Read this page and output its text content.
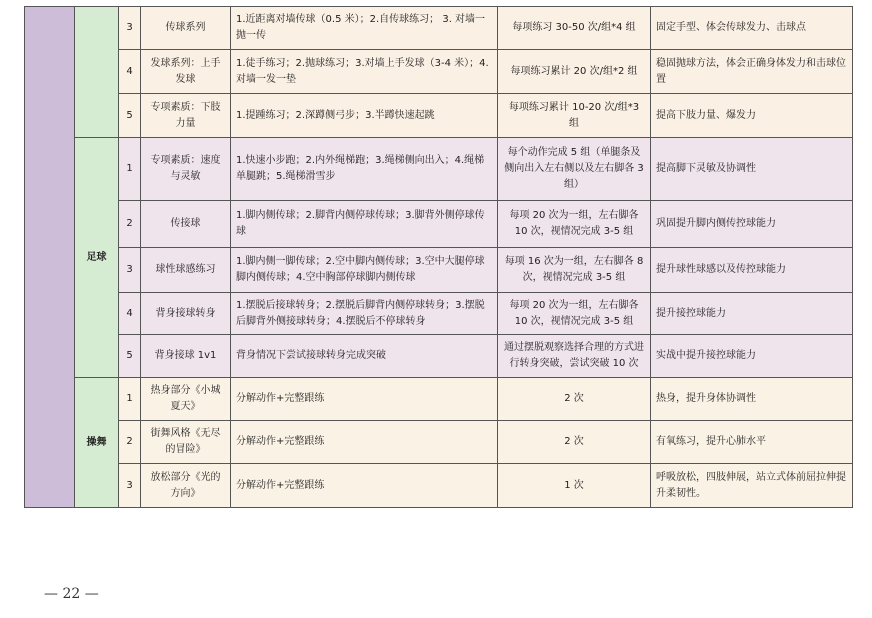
		3	传球系列	1.近距离对墙传球（0.5 米）；2.自传球练习； 3. 对墙一抛一传	每项练习 30-50 次/组*4 组	固定手型、体会传球发力、击球点
		4	发球系列：上手发球	1.徒手练习；2.抛球练习；3.对墙上手发球（3-4 米）；4.对墙一发一垫	每项练习累计 20 次/组*2 组	稳固抛球方法，体会正确身体发力和击球位置
		5	专项素质：下肢力量	1.提踵练习；2.深蹲侧弓步；3.半蹲快速起跳	每项练习累计 10-20 次/组*3 组	提高下肢力量、爆发力
	足球	1	专项素质：速度与灵敏	1.快速小步跑；2.内外绳梯跑；3.绳梯侧向出入；4.绳梯单腿跳；5.绳梯滑雪步	每个动作完成 5 组（单腿条及侧向出入左右侧以及左右脚各 3 组）	提高脚下灵敏及协调性
		2	传接球	1.脚内侧传球；2.脚背内侧停球传球；3.脚背外侧停球传球	每项 20 次为一组，左右脚各 10 次，视情况完成 3-5 组	巩固提升脚内侧传控球能力
		3	球性球感练习	1.脚内侧一脚传球；2.空中脚内侧传球；3.空中大腿停球脚内侧传球；4.空中胸部停球脚内侧传球	每项 16 次为一组，左右脚各 8 次，视情况完成 3-5 组	提升球性球感以及传控球能力
		4	背身接球转身	1.摆脱后接球转身；2.摆脱后脚背内侧停球转身；3.摆脱后脚背外侧接球转身；4.摆脱后不停球转身	每项 20 次为一组，左右脚各 10 次，视情况完成 3-5 组	提升接控球能力
		5	背身接球 1v1	背身情况下尝试接球转身完成突破	通过摆脱观察选择合理的方式进行转身突破，尝试突破 10 次	实战中提升接控球能力
	操舞	1	热身部分《小城夏天》	分解动作+完整跟练	2 次	热身，提升身体协调性
		2	街舞风格《无尽的冒险》	分解动作+完整跟练	2 次	有氧练习，提升心肺水平
		3	放松部分《光的方向》	分解动作+完整跟练	1 次	呼吸放松，四肢伸展，站立式体前屈拉伸提升柔韧性。
— 22 —
